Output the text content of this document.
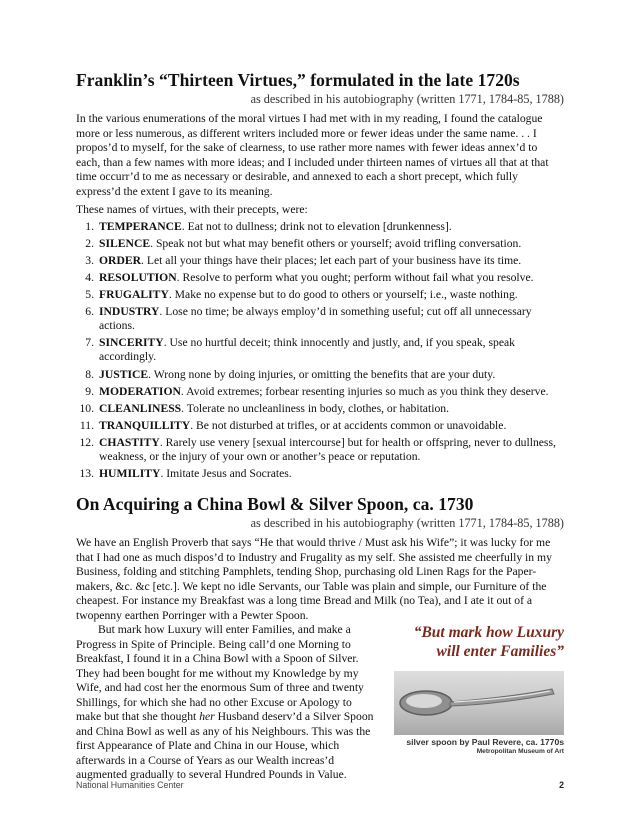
Franklin’s “Thirteen Virtues,” formulated in the late 1720s
as described in his autobiography (written 1771, 1784-85, 1788)

In the various enumerations of the moral virtues I had met with in my reading, I found the catalogue more or less numerous, as different writers included more or fewer ideas under the same name. . . I propos’d to myself, for the sake of clearness, to use rather more names with fewer ideas annex’d to each, than a few names with more ideas; and I included under thirteen names of virtues all that at that time occurr’d to me as necessary or desirable, and annexed to each a short precept, which fully express’d the extent I gave to its meaning.

These names of virtues, with their precepts, were:

1. TEMPERANCE. Eat not to dullness; drink not to elevation [drunkenness].
2. SILENCE. Speak not but what may benefit others or yourself; avoid trifling conversation.
3. ORDER. Let all your things have their places; let each part of your business have its time.
4. RESOLUTION. Resolve to perform what you ought; perform without fail what you resolve.
5. FRUGALITY. Make no expense but to do good to others or yourself; i.e., waste nothing.
6. INDUSTRY. Lose no time; be always employ’d in something useful; cut off all unnecessary actions.
7. SINCERITY. Use no hurtful deceit; think innocently and justly, and, if you speak, speak accordingly.
8. JUSTICE. Wrong none by doing injuries, or omitting the benefits that are your duty.
9. MODERATION. Avoid extremes; forbear resenting injuries so much as you think they deserve.
10. CLEANLINESS. Tolerate no uncleanliness in body, clothes, or habitation.
11. TRANQUILLITY. Be not disturbed at trifles, or at accidents common or unavoidable.
12. CHASTITY. Rarely use venery [sexual intercourse] but for health or offspring, never to dullness, weakness, or the injury of your own or another’s peace or reputation.
13. HUMILITY. Imitate Jesus and Socrates.
On Acquiring a China Bowl & Silver Spoon, ca. 1730
as described in his autobiography (written 1771, 1784-85, 1788)

We have an English Proverb that says “He that would thrive / Must ask his Wife”; it was lucky for me that I had one as much dispos’d to Industry and Frugality as my self. She assisted me cheerfully in my Business, folding and stitching Pamphlets, tending Shop, purchasing old Linen Rags for the Paper-makers, &c. &c [etc.]. We kept no idle Servants, our Table was plain and simple, our Furniture of the cheapest. For instance my Breakfast was a long time Bread and Milk (no Tea), and I ate it out of a twopenny earthen Porringer with a Pewter Spoon.

But mark how Luxury will enter Families, and make a Progress in Spite of Principle. Being call’d one Morning to Breakfast, I found it in a China Bowl with a Spoon of Silver. They had been bought for me without my Knowledge by my Wife, and had cost her the enormous Sum of three and twenty Shillings, for which she had no other Excuse or Apology to make but that she thought her Husband deserv’d a Silver Spoon and China Bowl as well as any of his Neighbours. This was the first Appearance of Plate and China in our House, which afterwards in a Course of Years as our Wealth increas’d augmented gradually to several Hundred Pounds in Value.

“But mark how Luxury will enter Families”
silver spoon by Paul Revere, ca. 1770s
Metropolitan Museum of Art
National Humanities Center	2
